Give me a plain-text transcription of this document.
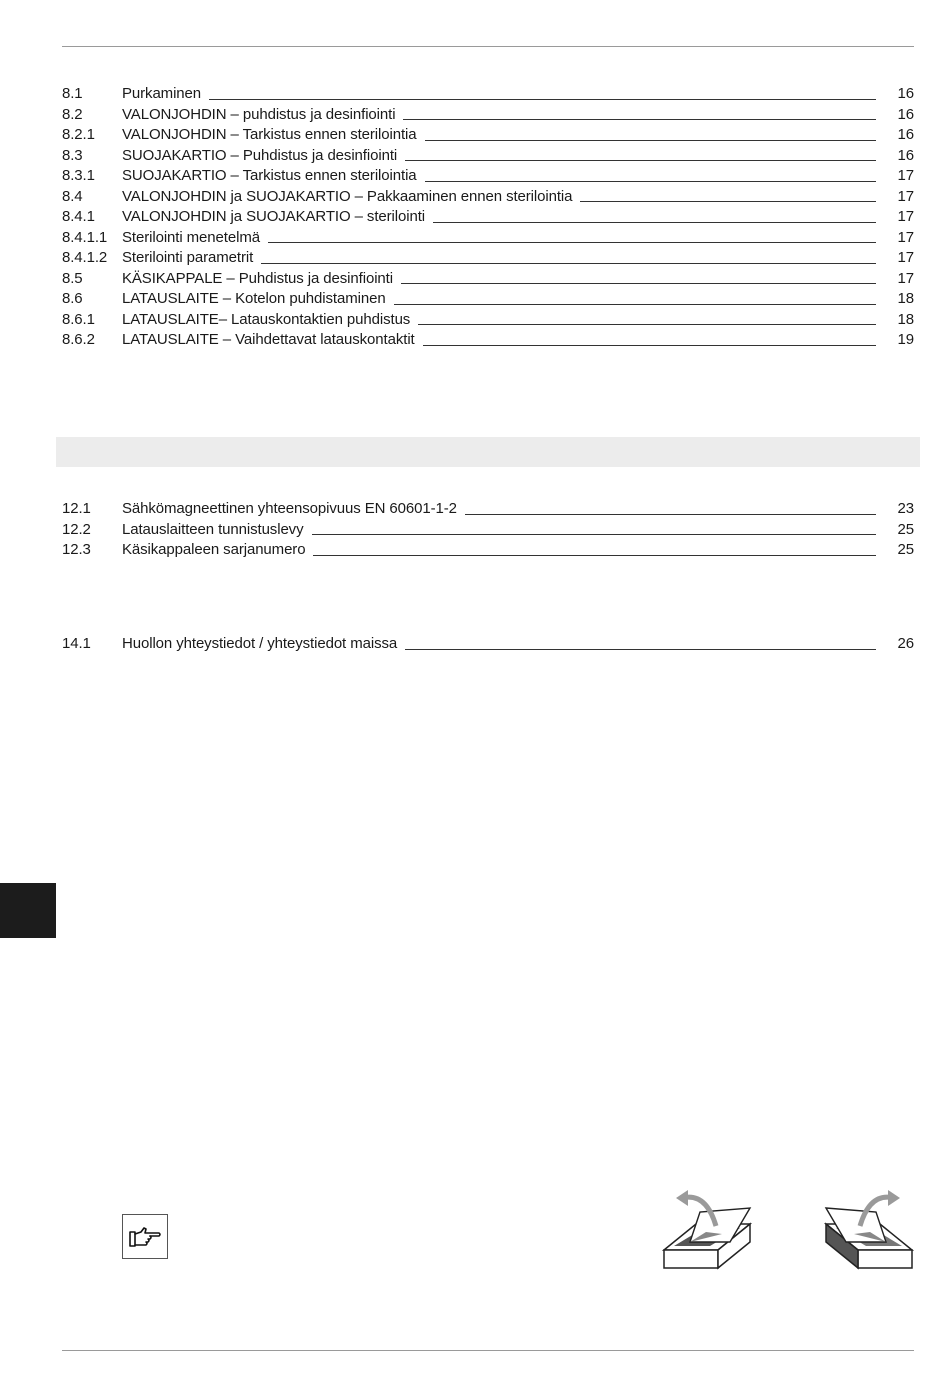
8.1	Purkaminen	16
8.2	VALONJOHDIN – puhdistus ja desinfiointi	16
8.2.1	VALONJOHDIN – Tarkistus ennen sterilointia	16
8.3	SUOJAKARTIO – Puhdistus ja desinfiointi	16
8.3.1	SUOJAKARTIO – Tarkistus ennen sterilointia	17
8.4	VALONJOHDIN ja SUOJAKARTIO – Pakkaaminen ennen sterilointia	17
8.4.1	VALONJOHDIN ja SUOJAKARTIO – sterilointi	17
8.4.1.1 Sterilointi menetelmä	17
8.4.1.2 Sterilointi parametrit	17
8.5	KÄSIKAPPALE – Puhdistus ja desinfiointi	17
8.6	LATAUSLAITE – Kotelon puhdistaminen	18
8.6.1	LATAUSLAITE– Latauskontaktien puhdistus	18
8.6.2	LATAUSLAITE – Vaihdettavat latauskontaktit	19
12.1	Sähkömagneettinen yhteensopivuus EN 60601-1-2	23
12.2	Latauslaitteen tunnistuslevy	25
12.3	Käsikappaleen sarjanumero	25
14.1	Huollon yhteystiedot / yhteystiedot maissa	26
